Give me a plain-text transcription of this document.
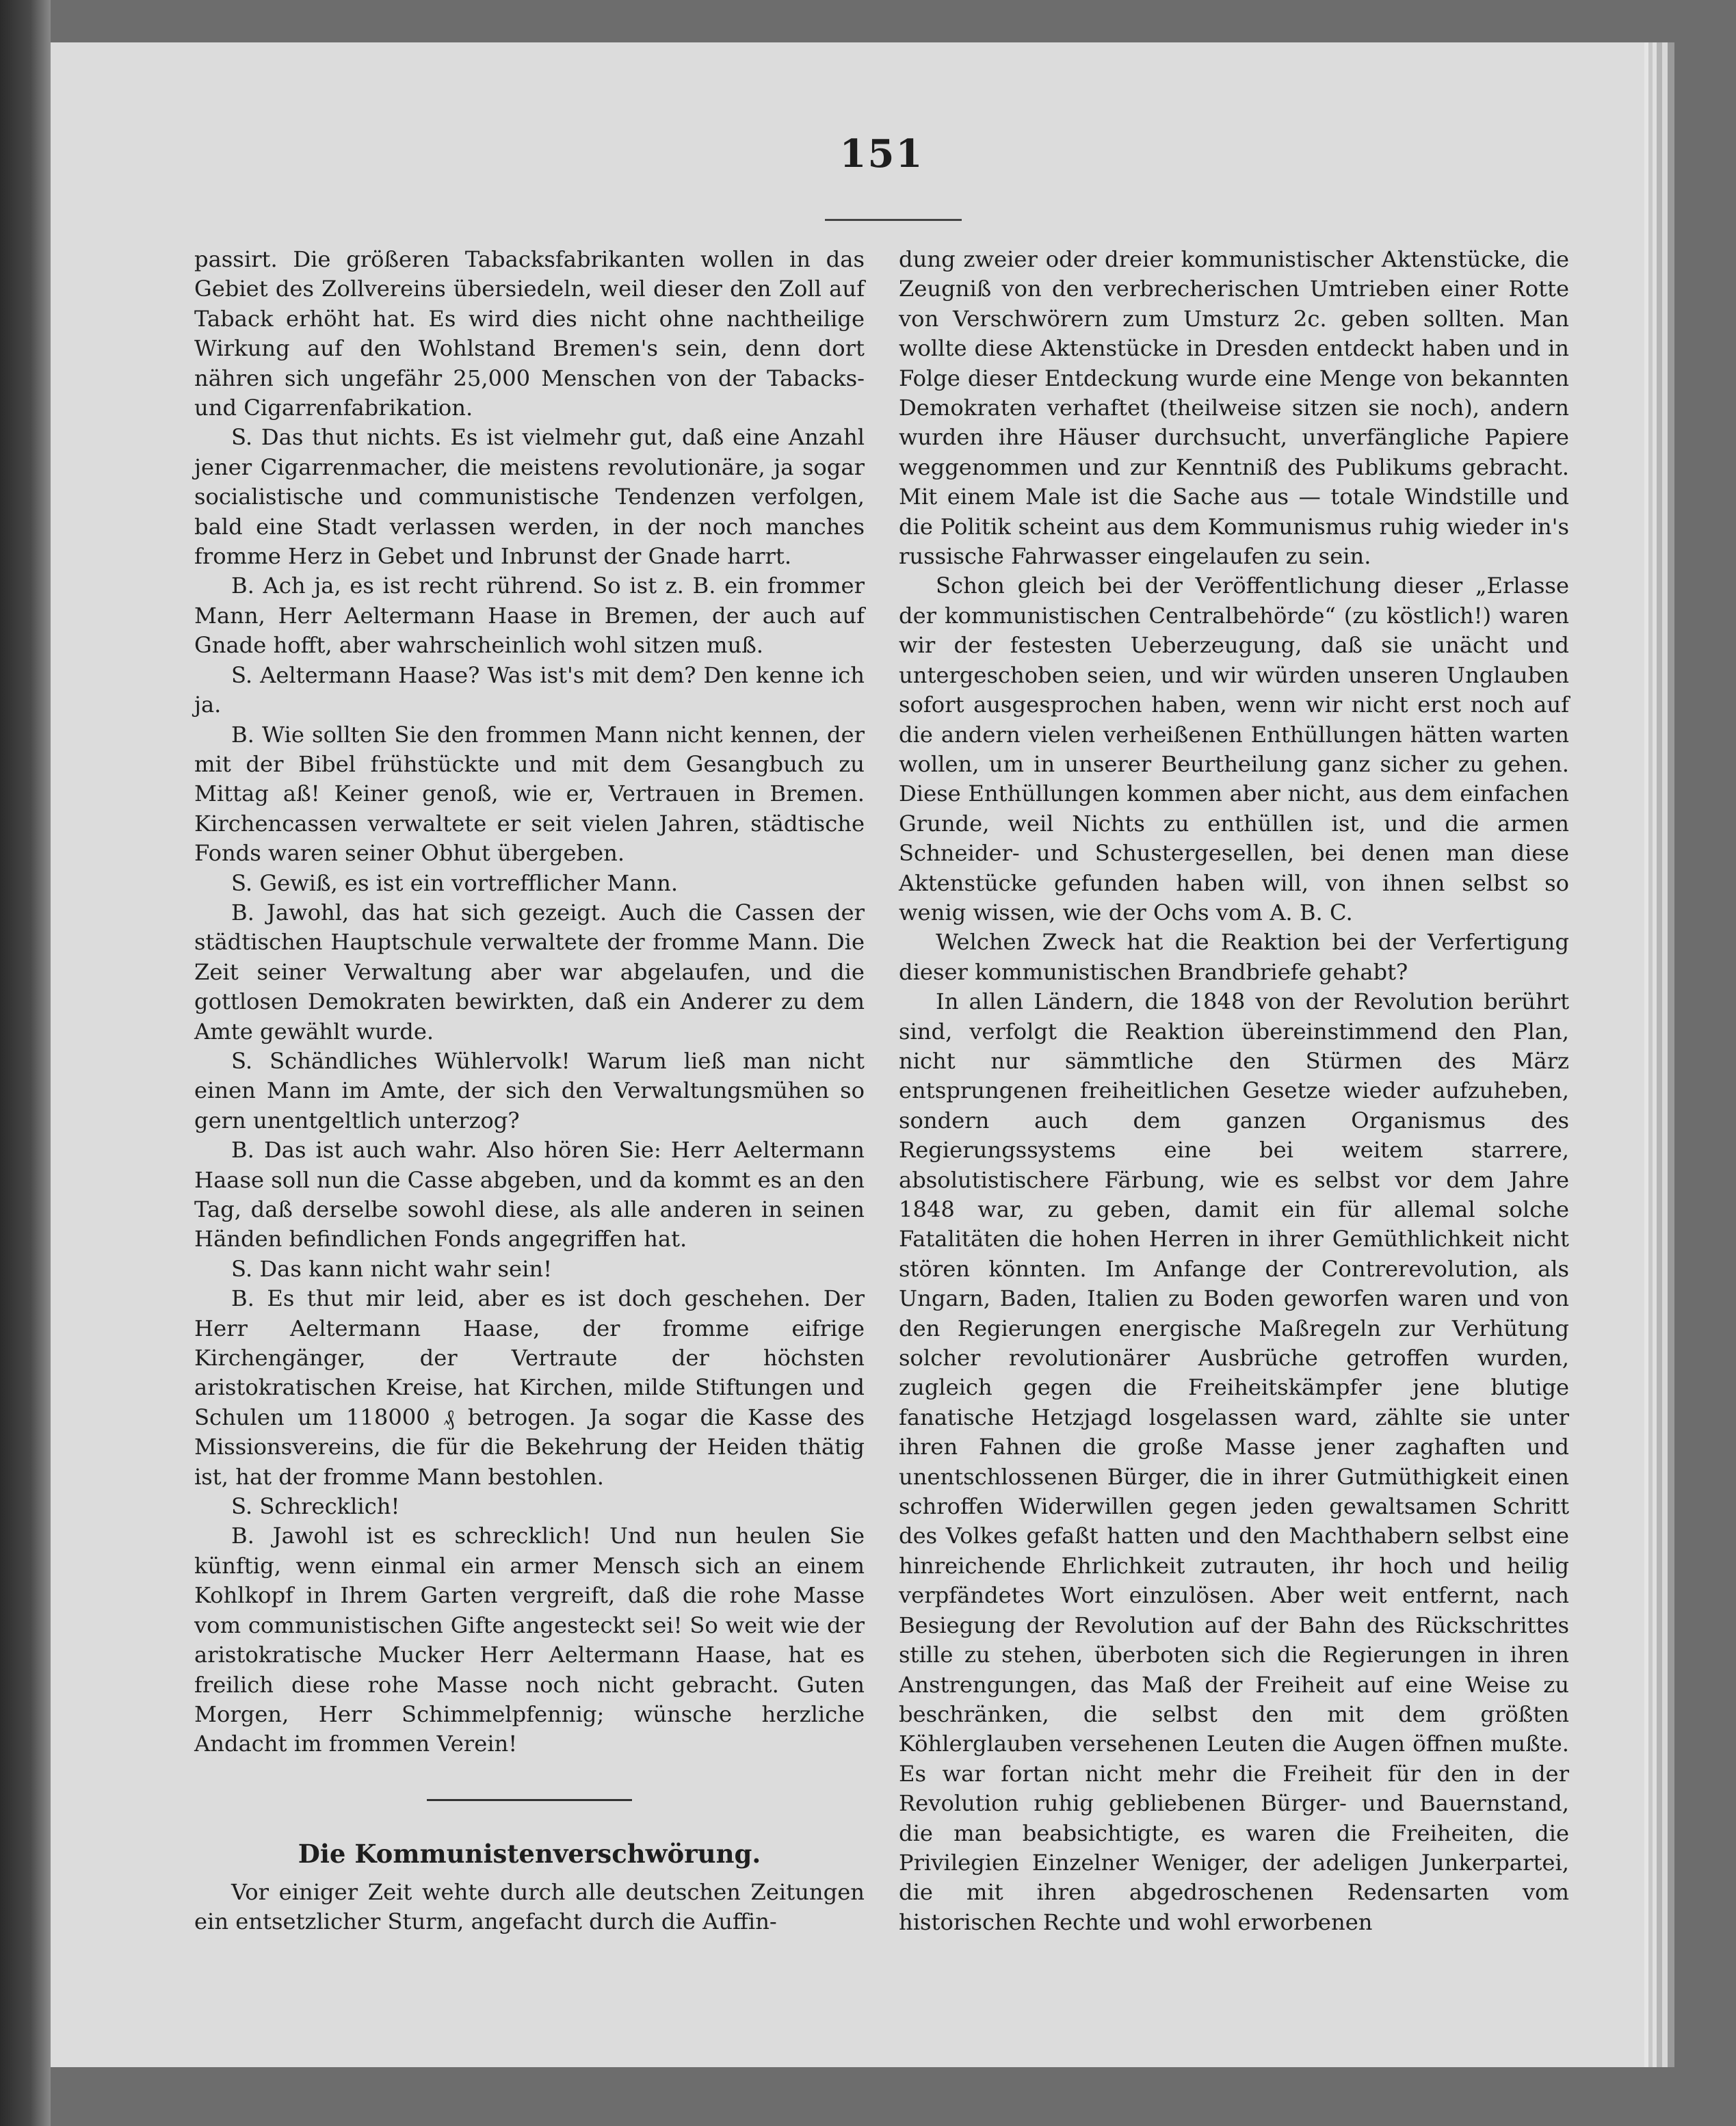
151

passirt. Die größeren Tabacksfabrikanten wollen in das Gebiet des Zollvereins übersiedeln, weil dieser den Zoll auf Taback erhöht hat. Es wird dies nicht ohne nachtheilige Wirkung auf den Wohlstand Bremen's sein, denn dort nähren sich ungefähr 25,000 Menschen von der Tabacks- und Cigarrenfabrikation.

S. Das thut nichts. Es ist vielmehr gut, daß eine Anzahl jener Cigarrenmacher, die meistens revolutionäre, ja sogar socialistische und communistische Tendenzen verfolgen, bald eine Stadt verlassen werden, in der noch manches fromme Herz in Gebet und Inbrunst der Gnade harrt.

B. Ach ja, es ist recht rührend. So ist z. B. ein frommer Mann, Herr Aeltermann Haase in Bremen, der auch auf Gnade hofft, aber wahrscheinlich wohl sitzen muß.

S. Aeltermann Haase? Was ist's mit dem? Den kenne ich ja.

B. Wie sollten Sie den frommen Mann nicht kennen, der mit der Bibel frühstückte und mit dem Gesangbuch zu Mittag aß! Keiner genoß, wie er, Vertrauen in Bremen. Kirchencassen verwaltete er seit vielen Jahren, städtische Fonds waren seiner Obhut übergeben.

S. Gewiß, es ist ein vortrefflicher Mann.

B. Jawohl, das hat sich gezeigt. Auch die Cassen der städtischen Hauptschule verwaltete der fromme Mann. Die Zeit seiner Verwaltung aber war abgelaufen, und die gottlosen Demokraten bewirkten, daß ein Anderer zu dem Amte gewählt wurde.

S. Schändliches Wühlervolk! Warum ließ man nicht einen Mann im Amte, der sich den Verwaltungsmühen so gern unentgeltlich unterzog?

B. Das ist auch wahr. Also hören Sie: Herr Aeltermann Haase soll nun die Casse abgeben, und da kommt es an den Tag, daß derselbe sowohl diese, als alle anderen in seinen Händen befindlichen Fonds angegriffen hat.

S. Das kann nicht wahr sein!

B. Es thut mir leid, aber es ist doch geschehen. Der Herr Aeltermann Haase, der fromme eifrige Kirchengänger, der Vertraute der höchsten aristokratischen Kreise, hat Kirchen, milde Stiftungen und Schulen um 118000 ₰ betrogen. Ja sogar die Kasse des Missionsvereins, die für die Bekehrung der Heiden thätig ist, hat der fromme Mann bestohlen.

S. Schrecklich!

B. Jawohl ist es schrecklich! Und nun heulen Sie künftig, wenn einmal ein armer Mensch sich an einem Kohlkopf in Ihrem Garten vergreift, daß die rohe Masse vom communistischen Gifte angesteckt sei! So weit wie der aristokratische Mucker Herr Aeltermann Haase, hat es freilich diese rohe Masse noch nicht gebracht. Guten Morgen, Herr Schimmelpfennig; wünsche herzliche Andacht im frommen Verein!

Die Kommunistenverschwörung.

Vor einiger Zeit wehte durch alle deutschen Zeitungen ein entsetzlicher Sturm, angefacht durch die Auffin-

dung zweier oder dreier kommunistischer Aktenstücke, die Zeugniß von den verbrecherischen Umtrieben einer Rotte von Verschwörern zum Umsturz 2c. geben sollten. Man wollte diese Aktenstücke in Dresden entdeckt haben und in Folge dieser Entdeckung wurde eine Menge von bekannten Demokraten verhaftet (theilweise sitzen sie noch), andern wurden ihre Häuser durchsucht, unverfängliche Papiere weggenommen und zur Kenntniß des Publikums gebracht. Mit einem Male ist die Sache aus — totale Windstille und die Politik scheint aus dem Kommunismus ruhig wieder in's russische Fahrwasser eingelaufen zu sein.

Schon gleich bei der Veröffentlichung dieser „Erlasse der kommunistischen Centralbehörde“ (zu köstlich!) waren wir der festesten Ueberzeugung, daß sie unächt und untergeschoben seien, und wir würden unseren Unglauben sofort ausgesprochen haben, wenn wir nicht erst noch auf die andern vielen verheißenen Enthüllungen hätten warten wollen, um in unserer Beurtheilung ganz sicher zu gehen. Diese Enthüllungen kommen aber nicht, aus dem einfachen Grunde, weil Nichts zu enthüllen ist, und die armen Schneider- und Schustergesellen, bei denen man diese Aktenstücke gefunden haben will, von ihnen selbst so wenig wissen, wie der Ochs vom A. B. C.

Welchen Zweck hat die Reaktion bei der Verfertigung dieser kommunistischen Brandbriefe gehabt?

In allen Ländern, die 1848 von der Revolution berührt sind, verfolgt die Reaktion übereinstimmend den Plan, nicht nur sämmtliche den Stürmen des März entsprungenen freiheitlichen Gesetze wieder aufzuheben, sondern auch dem ganzen Organismus des Regierungssystems eine bei weitem starrere, absolutistischere Färbung, wie es selbst vor dem Jahre 1848 war, zu geben, damit ein für allemal solche Fatalitäten die hohen Herren in ihrer Gemüthlichkeit nicht stören könnten. Im Anfange der Contrerevolution, als Ungarn, Baden, Italien zu Boden geworfen waren und von den Regierungen energische Maßregeln zur Verhütung solcher revolutionärer Ausbrüche getroffen wurden, zugleich gegen die Freiheitskämpfer jene blutige fanatische Hetzjagd losgelassen ward, zählte sie unter ihren Fahnen die große Masse jener zaghaften und unentschlossenen Bürger, die in ihrer Gutmüthigkeit einen schroffen Widerwillen gegen jeden gewaltsamen Schritt des Volkes gefaßt hatten und den Machthabern selbst eine hinreichende Ehrlichkeit zutrauten, ihr hoch und heilig verpfändetes Wort einzulösen. Aber weit entfernt, nach Besiegung der Revolution auf der Bahn des Rückschrittes stille zu stehen, überboten sich die Regierungen in ihren Anstrengungen, das Maß der Freiheit auf eine Weise zu beschränken, die selbst den mit dem größten Köhlerglauben versehenen Leuten die Augen öffnen mußte. Es war fortan nicht mehr die Freiheit für den in der Revolution ruhig gebliebenen Bürger- und Bauernstand, die man beabsichtigte, es waren die Freiheiten, die Privilegien Einzelner Weniger, der adeligen Junkerpartei, die mit ihren abgedroschenen Redensarten vom historischen Rechte und wohl erworbenen
